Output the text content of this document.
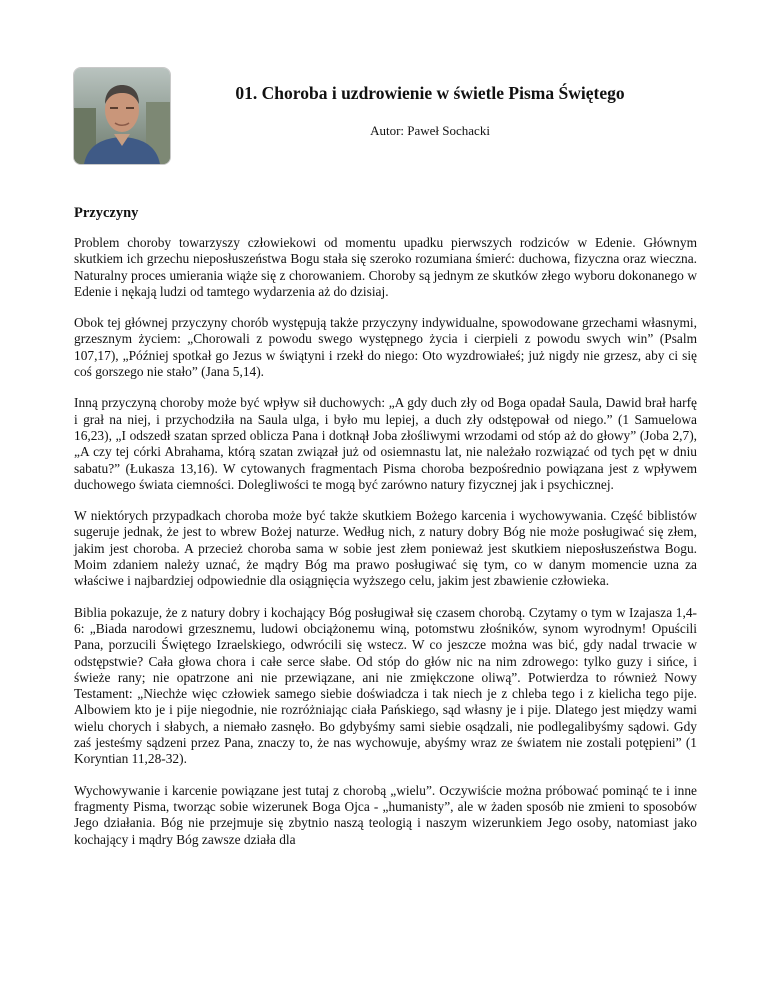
01. Choroba i uzdrowienie w świetle Pisma Świętego
Autor: Paweł Sochacki
Przyczyny

Problem choroby towarzyszy człowiekowi od momentu upadku pierwszych rodziców w Edenie. Głównym skutkiem ich grzechu nieposłuszeństwa Bogu stała się szeroko rozumiana śmierć: duchowa, fizyczna oraz wieczna. Naturalny proces umierania wiąże się z chorowaniem. Choroby są jednym ze skutków złego wyboru dokonanego w Edenie i nękają ludzi od tamtego wydarzenia aż do dzisiaj.

Obok tej głównej przyczyny chorób występują także przyczyny indywidualne, spowodowane grzechami własnymi, grzesznym życiem: „Chorowali z powodu swego występnego życia i cierpieli z powodu swych win” (Psalm 107,17), „Później spotkał go Jezus w świątyni i rzekł do niego: Oto wyzdrowiałeś; już nigdy nie grzesz, aby ci się coś gorszego nie stało” (Jana 5,14).

Inną przyczyną choroby może być wpływ sił duchowych: „A gdy duch zły od Boga opadał Saula, Dawid brał harfę i grał na niej, i przychodziła na Saula ulga, i było mu lepiej, a duch zły odstępował od niego.” (1 Samuelowa 16,23), „I odszedł szatan sprzed oblicza Pana i dotknął Joba złośliwymi wrzodami od stóp aż do głowy” (Joba 2,7), „A czy tej córki Abrahama, którą szatan związał już od osiemnastu lat, nie należało rozwiązać od tych pęt w dniu sabatu?” (Łukasza 13,16). W cytowanych fragmentach Pisma choroba bezpośrednio powiązana jest z wpływem duchowego świata ciemności. Dolegliwości te mogą być zarówno natury fizycznej jak i psychicznej.

W niektórych przypadkach choroba może być także skutkiem Bożego karcenia i wychowywania. Część biblistów sugeruje jednak, że jest to wbrew Bożej naturze. Według nich, z natury dobry Bóg nie może posługiwać się złem, jakim jest choroba. A przecież choroba sama w sobie jest złem ponieważ jest skutkiem nieposłuszeństwa Bogu. Moim zdaniem należy uznać, że mądry Bóg ma prawo posługiwać się tym, co w danym momencie uzna za właściwe i najbardziej odpowiednie dla osiągnięcia wyższego celu, jakim jest zbawienie człowieka.

Biblia pokazuje, że z natury dobry i kochający Bóg posługiwał się czasem chorobą. Czytamy o tym w Izajasza 1,4-6: „Biada narodowi grzesznemu, ludowi obciążonemu winą, potomstwu złośników, synom wyrodnym! Opuścili Pana, porzucili Świętego Izraelskiego, odwrócili się wstecz. W co jeszcze można was bić, gdy nadal trwacie w odstępstwie? Cała głowa chora i całe serce słabe. Od stóp do głów nic na nim zdrowego: tylko guzy i sińce, i świeże rany; nie opatrzone ani nie przewiązane, ani nie zmiękczone oliwą”. Potwierdza to również Nowy Testament: „Niechże więc człowiek samego siebie doświadcza i tak niech je z chleba tego i z kielicha tego pije. Albowiem kto je i pije niegodnie, nie rozróżniając ciała Pańskiego, sąd własny je i pije. Dlatego jest między wami wielu chorych i słabych, a niemało zasnęło. Bo gdybyśmy sami siebie osądzali, nie podlegalibyśmy sądowi. Gdy zaś jesteśmy sądzeni przez Pana, znaczy to, że nas wychowuje, abyśmy wraz ze światem nie zostali potępieni” (1 Koryntian 11,28-32).

Wychowywanie i karcenie powiązane jest tutaj z chorobą „wielu”. Oczywiście można próbować pominąć te i inne fragmenty Pisma, tworząc sobie wizerunek Boga Ojca - „humanisty”, ale w żaden sposób nie zmieni to sposobów Jego działania. Bóg nie przejmuje się zbytnio naszą teologią i naszym wizerunkiem Jego osoby, natomiast jako kochający i mądry Bóg zawsze działa dla
